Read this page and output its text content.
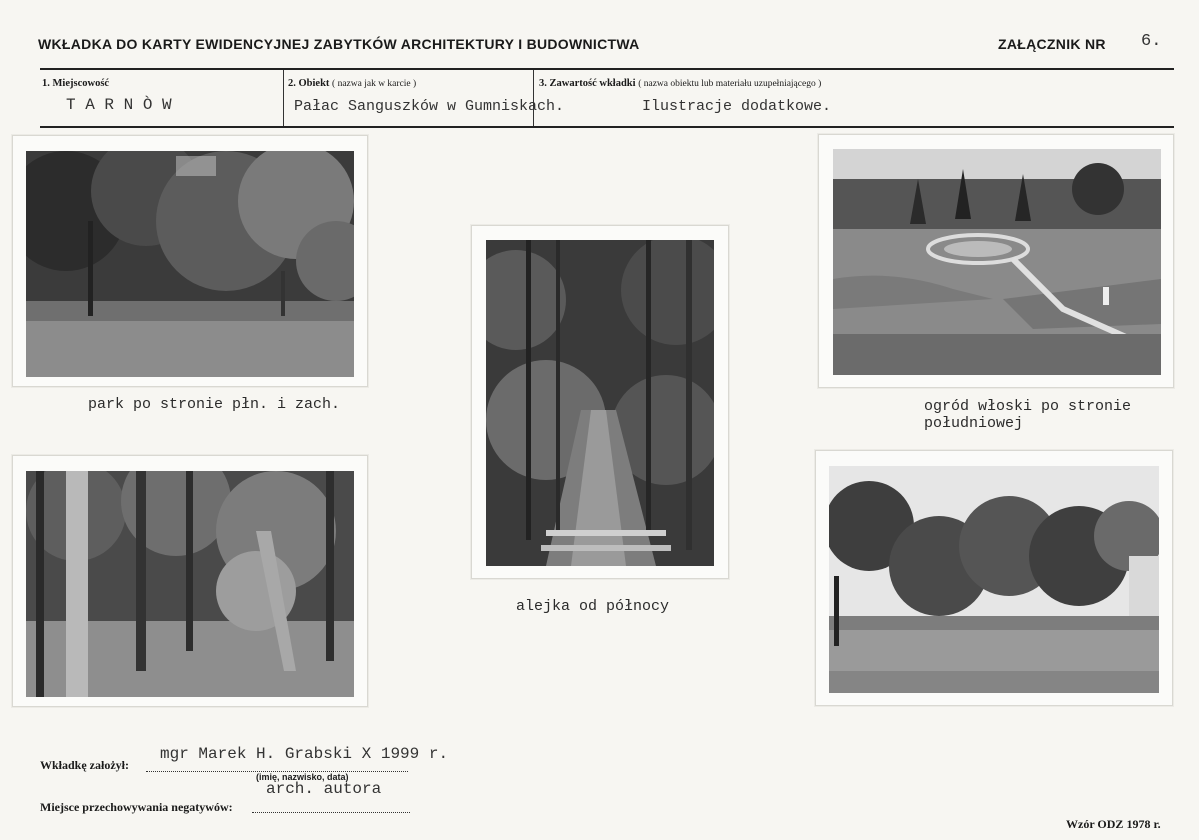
WKŁADKA DO KARTY EWIDENCYJNEJ ZABYTKÓW ARCHITEKTURY I BUDOWNICTWA	ZAŁĄCZNIK NR 6.
1. Miejscowość
T A R N Ò W
2. Obiekt ( nazwa jak w karcie )
Pałac Sanguszków w Gumniskach.
3. Zawartość wkładki ( nazwa obiektu lub materiału uzupełniającego )
Ilustracje dodatkowe.
park po stronie płn. i zach.
alejka od północy
ogród włoski po stronie
południowej
Wkładkę założył:
mgr Marek H. Grabski X 1999 r.
(imię, nazwisko, data)
Miejsce przechowywania negatywów:
arch. autora
Wzór ODZ 1978 r.
